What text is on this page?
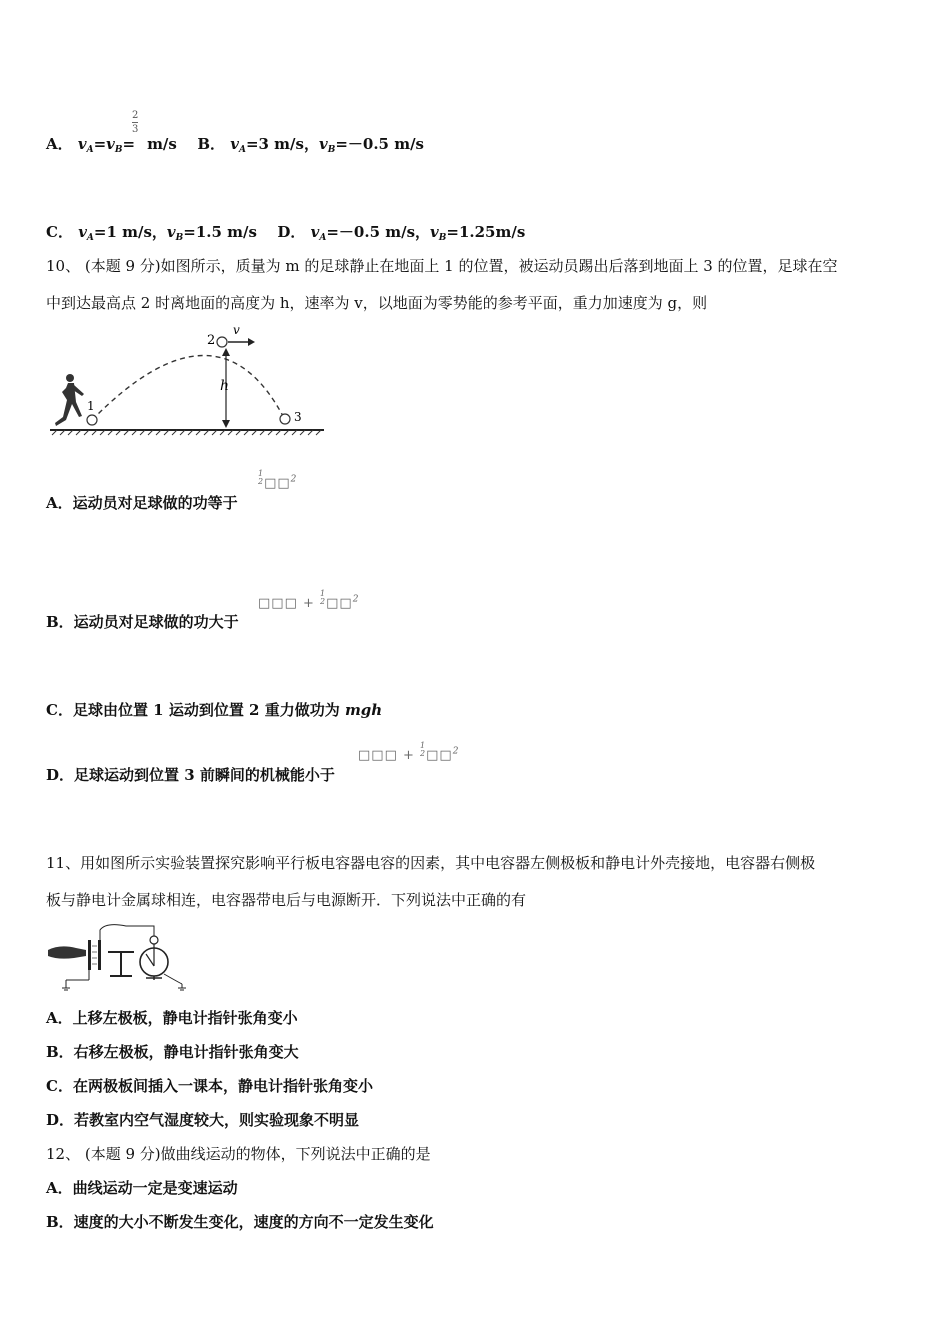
2
3
A． $v_A=v_B= m/s$ B． $v_A=3$ m/s，$v_B=-0.5$ m/s
C． $v_A=1$ m/s，$v_B=1.5$ m/s D． $v_A=-0.5$ m/s，$v_B=1.25m/s$
10、 (本题 9 分)如图所示，质量为 m 的足球静止在地面上 1 的位置，被运动员踢出后落到地面上 3 的位置，足球在空
中到达最高点 2 时离地面的高度为 h，速率为 v，以地面为零势能的参考平面，重力加速度为 g，则
1
2
3
h
v
A．运动员对足球做的功等于
1
2 □□$^2$
B．运动员对足球做的功大于
□□□ +
1
2 □□$^2$
C．足球由位置 1 运动到位置 2 重力做功为 mgh
D．足球运动到位置 3 前瞬间的机械能小于
□□□ +
1
2 □□$^2$
11、用如图所示实验装置探究影响平行板电容器电容的因素，其中电容器左侧极板和静电计外壳接地，电容器右侧极
板与静电计金属球相连，电容器带电后与电源断开．下列说法中正确的有
A．上移左极板，静电计指针张角变小
B．右移左极板，静电计指针张角变大
C．在两极板间插入一课本，静电计指针张角变小
D．若教室内空气湿度较大，则实验现象不明显
12、 (本题 9 分)做曲线运动的物体，下列说法中正确的是
A．曲线运动一定是变速运动
B．速度的大小不断发生变化，速度的方向不一定发生变化
